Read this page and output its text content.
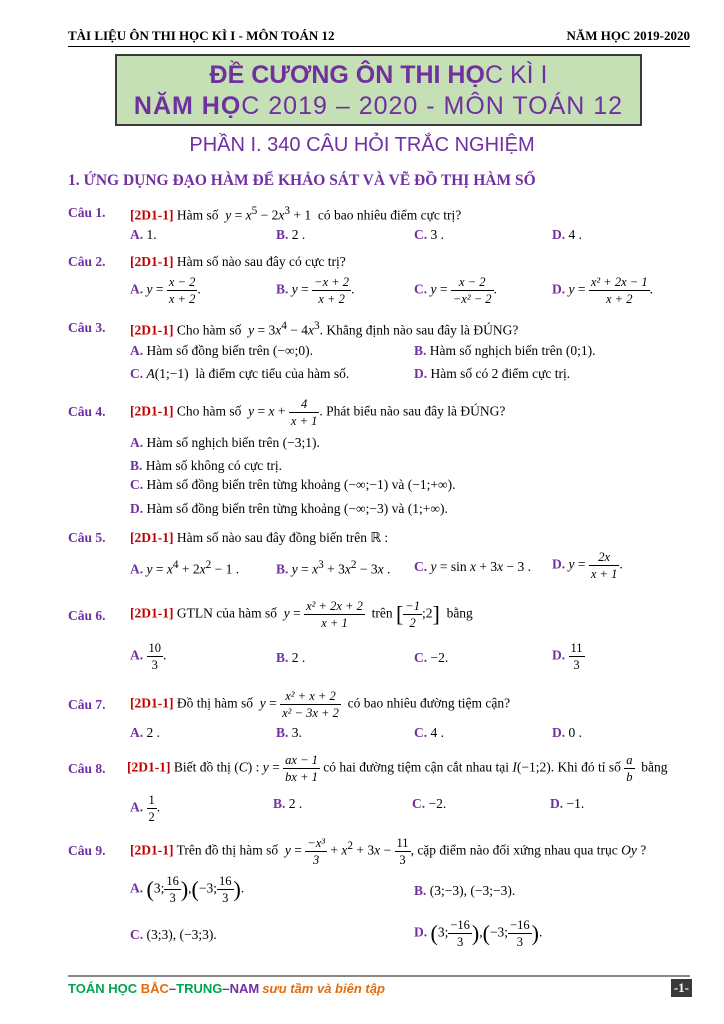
TÀI LIỆU ÔN THI HỌC KÌ I - MÔN TOÁN 12	NĂM HỌC 2019-2020
ĐỀ CƯƠNG ÔN THI HỌC KÌ I
NĂM HỌC 2019 – 2020 - MÔN TOÁN 12
PHẦN I. 340 CÂU HỎI TRẮC NGHIỆM
1. ỨNG DỤNG ĐẠO HÀM ĐỂ KHẢO SÁT VÀ VẼ ĐỒ THỊ HÀM SỐ
Câu 1. [2D1-1] Hàm số $y = x^5 - 2x^3 + 1$  có bao nhiêu điểm cực trị?
A. 1.	B. 2 .	C. 3 .	D. 4 .
Câu 2. [2D1-1] Hàm số nào sau đây có cực trị?
A. $y = \frac{x - 2}{x + 2}$ .	B. $y = \frac{-x + 2}{x + 2}$ .	C. $y = \frac{x - 2}{\text{−x² − 2}}$ .	D. $y = \frac{\text{x² + 2x − 1}}{x + 2}$ .
Câu 3. [2D1-1] Cho hàm số $y = 3x^4 - 4x^3$. Khẳng định nào sau đây là ĐÚNG?
A. Hàm số đồng biến trên (−∞;0).	B. Hàm số nghịch biến trên (0;1).
C. A(1;−1)  là điểm cực tiểu của hàm số.	D. Hàm số có 2 điểm cực trị.
Câu 4. [2D1-1] Cho hàm số $y = x + \frac{4}{x + 1}$ . Phát biểu nào sau đây là ĐÚNG?
A. Hàm số nghịch biến trên (−3;1).
B. Hàm số không có cực trị.
C. Hàm số đồng biến trên từng khoảng (−∞;−1) và (−1;+∞).
D. Hàm số đồng biến trên từng khoảng (−∞;−3) và (1;+∞).
Câu 5. [2D1-1] Hàm số nào sau đây đồng biến trên ℝ :
A. $y = x^4 + 2x^2 - 1$ .	B. $y = x^3 + 3x^2 - 3x$ . C. y = sin x + 3x − 3 . D. $y = \frac{2x}{x + 1}$ .
Câu 6. [2D1-1] GTLN của hàm số $y = \frac{\text{x² + 2x + 2}}{x + 1}$ trên [ $\frac{-1}{2}$ ;2] bằng
A. $\frac{10}{3}$ .	B. 2 .	C. −2.	D. $\frac{11}{3}$
Câu 7. [2D1-1] Đồ thị hàm số $y = \frac{\text{x² + x + 2}}{\text{x² − 3x + 2}}$ có bao nhiêu đường tiệm cận?
A. 2 .	B. 3.	C. 4 .	D. 0 .
Câu 8. [2D1-1] Biết đồ thị (C) : $y = \frac{ax - 1}{bx + 1}$ có hai đường tiệm cận cắt nhau tại I(−1;2). Khi đó tỉ số $\frac{a}{b}$ bằng
A. $\frac{1}{2}$ .	B. 2 .	C. −2.	D. −1.
Câu 9. [2D1-1] Trên đồ thị hàm số $y = \frac{\text{−x³}}{3} + x^2 + 3x - \frac{11}{3}$ , cặp điểm nào đối xứng nhau qua trục Oy ?
A. (3; $\frac{16}{3} ),(-3$; $\frac{16}{3}$ ).	B. (3;−3), (−3;−3).
C. (3;3), (−3;3).	D. (3; $\frac{-16}{3} ),(-3$; $\frac{-16}{3}$ ).
TOÁN HỌC BẮC–TRUNG–NAM sưu tầm và biên tập	-1-
